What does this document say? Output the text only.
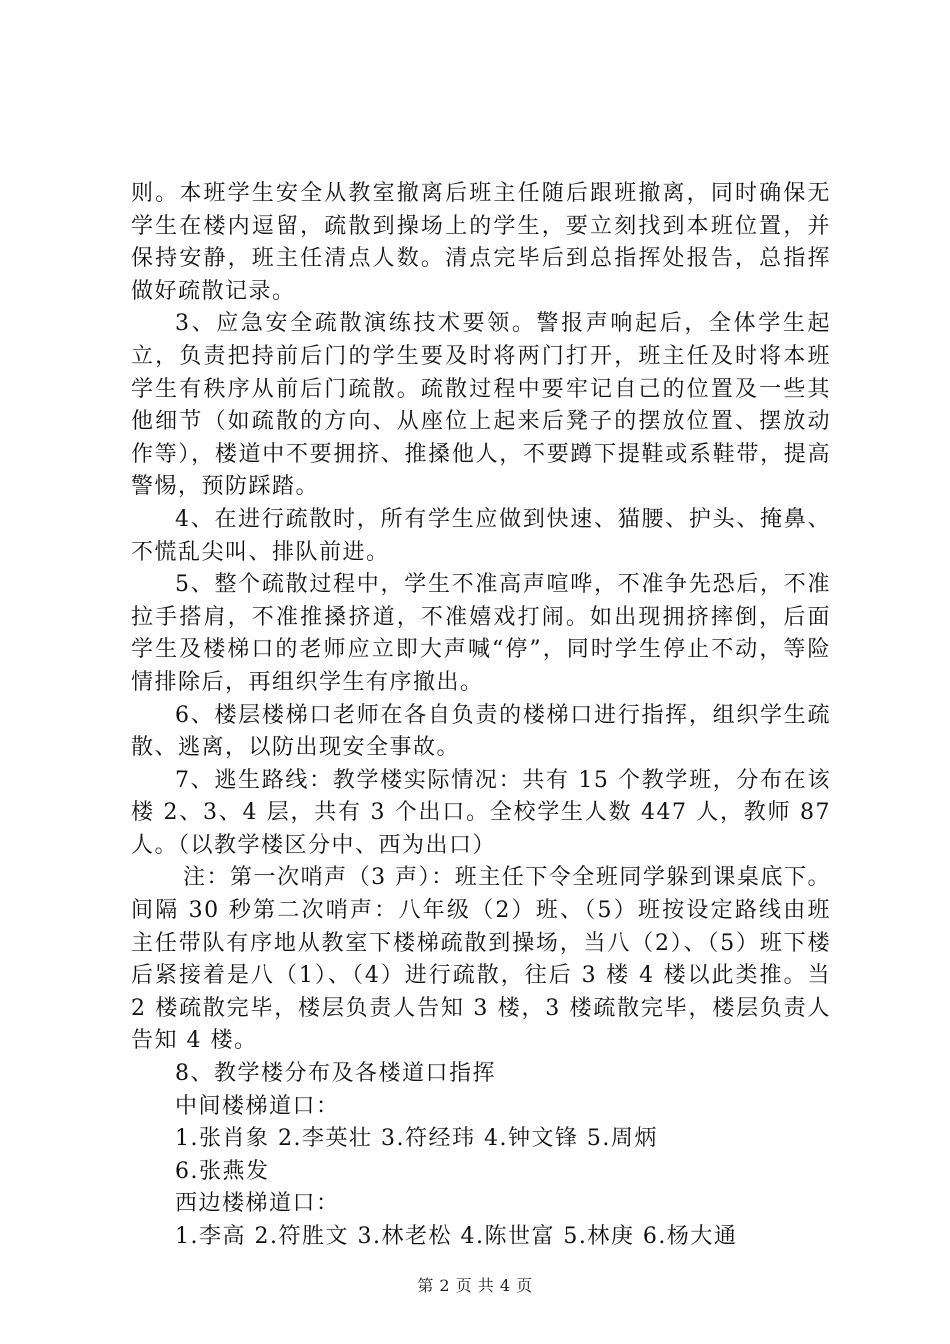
则。本班学生安全从教室撤离后班主任随后跟班撤离，同时确保无学生在楼内逗留，疏散到操场上的学生，要立刻找到本班位置，并保持安静，班主任清点人数。清点完毕后到总指挥处报告，总指挥做好疏散记录。

3、应急安全疏散演练技术要领。警报声响起后，全体学生起立，负责把持前后门的学生要及时将两门打开，班主任及时将本班学生有秩序从前后门疏散。疏散过程中要牢记自己的位置及一些其他细节（如疏散的方向、从座位上起来后凳子的摆放位置、摆放动作等），楼道中不要拥挤、推搡他人，不要蹲下提鞋或系鞋带，提高警惕，预防踩踏。

4、在进行疏散时，所有学生应做到快速、猫腰、护头、掩鼻、不慌乱尖叫、排队前进。

5、整个疏散过程中，学生不准高声喧哗，不准争先恐后，不准拉手搭肩，不准推搡挤道，不准嬉戏打闹。如出现拥挤摔倒，后面学生及楼梯口的老师应立即大声喊“停”，同时学生停止不动，等险情排除后，再组织学生有序撤出。

6、楼层楼梯口老师在各自负责的楼梯口进行指挥，组织学生疏散、逃离，以防出现安全事故。

7、逃生路线：教学楼实际情况：共有 15 个教学班，分布在该楼 2、3、4 层，共有 3 个出口。全校学生人数 447 人，教师 87 人。（以教学楼区分中、西为出口）

注：第一次哨声（3 声）：班主任下令全班同学躲到课桌底下。间隔 30 秒第二次哨声：八年级（2）班、（5）班按设定路线由班主任带队有序地从教室下楼梯疏散到操场，当八（2）、（5）班下楼后紧接着是八（1）、（4）进行疏散，往后 3 楼 4 楼以此类推。当 2 楼疏散完毕，楼层负责人告知 3 楼，3 楼疏散完毕，楼层负责人告知 4 楼。

8、教学楼分布及各楼道口指挥

中间楼梯道口：

1.张肖象 2.李英壮 3.符经玮 4.钟文锋 5.周炳

6.张燕发

西边楼梯道口：

1.李高 2.符胜文 3.林老松 4.陈世富 5.林庚 6.杨大通

第 2 页 共 4 页
